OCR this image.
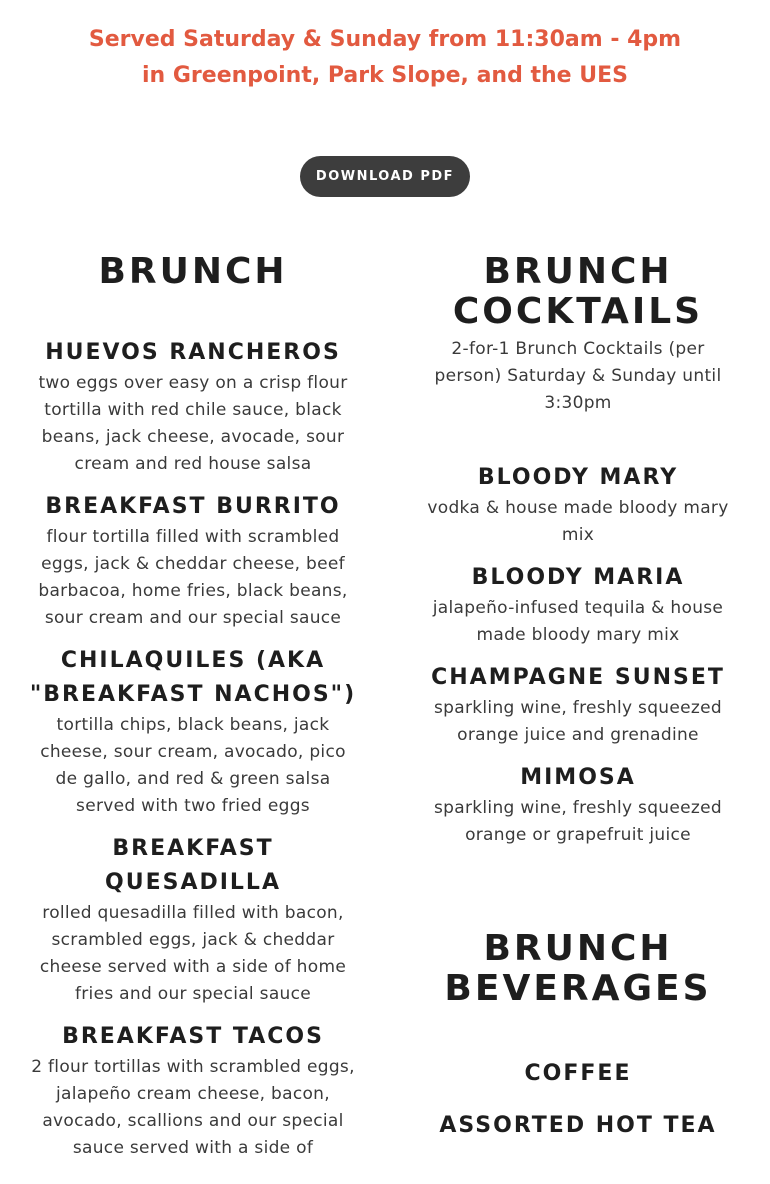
Served Saturday & Sunday from 11:30am - 4pm
in Greenpoint, Park Slope, and the UES
DOWNLOAD PDF
BRUNCH
HUEVOS RANCHEROS
two eggs over easy on a crisp flour tortilla with red chile sauce, black beans, jack cheese, avocade, sour cream and red house salsa
BREAKFAST BURRITO
flour tortilla filled with scrambled eggs, jack & cheddar cheese, beef barbacoa, home fries, black beans, sour cream and our special sauce
CHILAQUILES (AKA "BREAKFAST NACHOS")
tortilla chips, black beans, jack cheese, sour cream, avocado, pico de gallo, and red & green salsa served with two fried eggs
BREAKFAST QUESADILLA
rolled quesadilla filled with bacon, scrambled eggs, jack & cheddar cheese served with a side of home fries and our special sauce
BREAKFAST TACOS
2 flour tortillas with scrambled eggs, jalapeño cream cheese, bacon, avocado, scallions and our special sauce served with a side of
BRUNCH COCKTAILS
2-for-1 Brunch Cocktails (per person) Saturday & Sunday until 3:30pm
BLOODY MARY
vodka & house made bloody mary mix
BLOODY MARIA
jalapeño-infused tequila & house made bloody mary mix
CHAMPAGNE SUNSET
sparkling wine, freshly squeezed orange juice and grenadine
MIMOSA
sparkling wine, freshly squeezed orange or grapefruit juice
BRUNCH BEVERAGES
COFFEE
ASSORTED HOT TEA
